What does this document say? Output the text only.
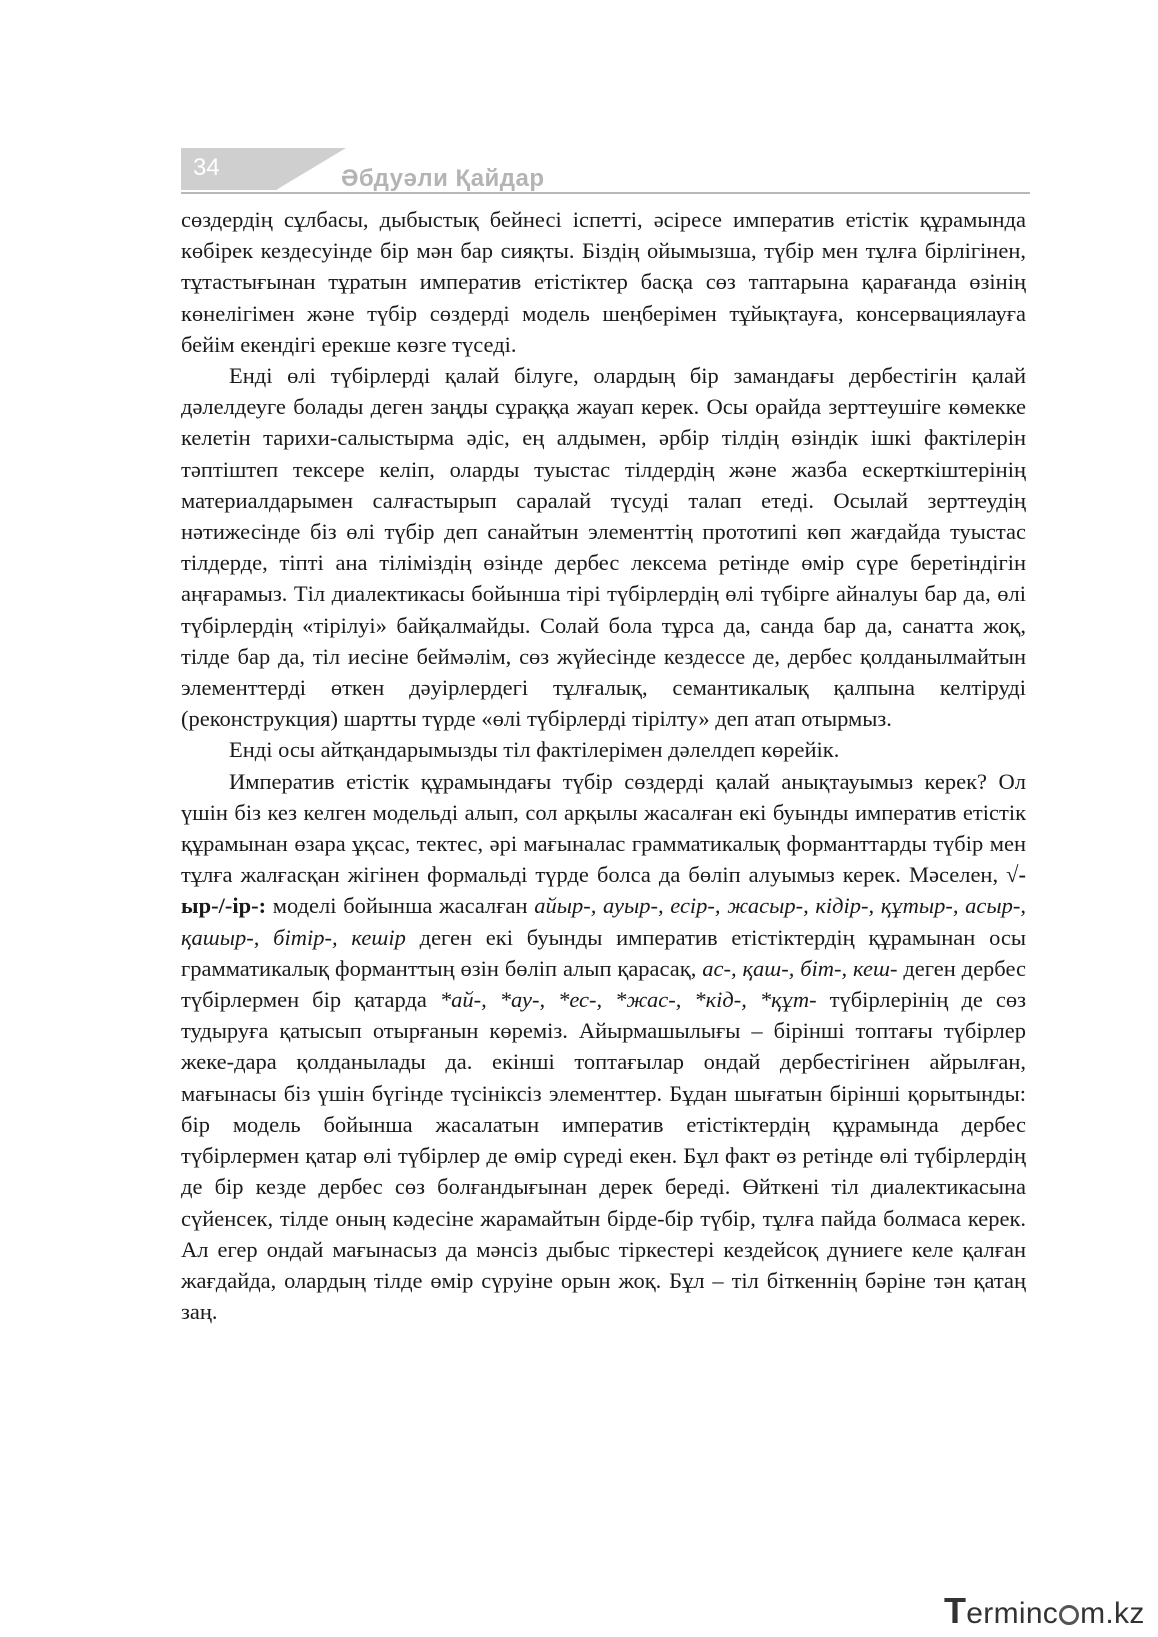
34	Әбдуәли Қайдар

сөздердің сұлбасы, дыбыстық бейнесі іспетті, әсіресе императив етістік құрамында көбірек кездесуінде бір мән бар сияқты. Біздің ойымызша, түбір мен тұлға бірлігінен, тұтастығынан тұратын императив етістіктер басқа сөз таптарына қарағанда өзінің көнелігімен және түбір сөздерді модель шеңберімен тұйықтауға, консервациялауға бейім екендігі ерекше көзге түседі.

Енді өлі түбірлерді қалай білуге, олардың бір замандағы дербестігін қалай дәлелдеуге болады деген заңды сұраққа жауап керек. Осы орайда зерттеушіге көмекке келетін тарихи-салыстырма әдіс, ең алдымен, әрбір тілдің өзіндік ішкі фактілерін тәптіштеп тексере келіп, оларды туыстас тілдердің және жазба ескерткіштерінің материалдарымен салғастырып саралай түсуді талап етеді. Осылай зерттеудің нәтижесінде біз өлі түбір деп санайтын элементтің прототипі көп жағдайда туыстас тілдерде, тіпті ана тіліміздің өзінде дербес лексема ретінде өмір сүре беретіндігін аңғарамыз. Тіл диалектикасы бойынша тірі түбірлердің өлі түбірге айналуы бар да, өлі түбірлердің «тірілуі» байқалмайды. Солай бола тұрса да, санда бар да, санатта жоқ, тілде бар да, тіл иесіне беймәлім, сөз жүйесінде кездессе де, дербес қолданылмайтын элементтерді өткен дәуірлердегі тұлғалық, семантикалық қалпына келтіруді (реконструкция) шартты түрде «өлі түбірлерді тірілту» деп атап отырмыз.

Енді осы айтқандарымызды тіл фактілерімен дәлелдеп көрейік.

Императив етістік құрамындағы түбір сөздерді қалай анықтауымыз керек? Ол үшін біз кез келген модельді алып, сол арқылы жасалған екі буынды императив етістік құрамынан өзара ұқсас, тектес, әрі мағыналас грамматикалық форманттарды түбір мен тұлға жалғасқан жігінен формальді түрде болса да бөліп алуымыз керек. Мәселен, √-ыр-/-ір-: моделі бойынша жасалған айыр-, ауыр-, есір-, жасыр-, кідір-, құтыр-, асыр-, қашыр-, бітір-, кешір деген екі буынды императив етістіктердің құрамынан осы грамматикалық форманттың өзін бөліп алып қарасақ, ас-, қаш-, біт-, кеш- деген дербес түбірлермен бір қатарда *ай-, *ау-, *ес-, *жас-, *кід-, *құт- түбірлерінің де сөз тудыруға қатысып отырғанын көреміз. Айырмашылығы – бірінші топтағы түбірлер жеке-дара қолданылады да. екінші топтағылар ондай дербестігінен айрылған, мағынасы біз үшін бүгінде түсініксіз элементтер. Бұдан шығатын бірінші қорытынды: бір модель бойынша жасалатын императив етістіктердің құрамында дербес түбірлермен қатар өлі түбірлер де өмір сүреді екен. Бұл факт өз ретінде өлі түбірлердің де бір кезде дербес сөз болғандығынан дерек береді. Өйткені тіл диалектикасына сүйенсек, тілде оның кәдесіне жарамайтын бірде-бір түбір, тұлға пайда болмаса керек. Ал егер ондай мағынасыз да мәнсіз дыбыс тіркестері кездейсоқ дүниеге келе қалған жағдайда, олардың тілде өмір сүруіне орын жоқ. Бұл – тіл біткеннің бәріне тән қатаң заң.

Terminc m.kz
